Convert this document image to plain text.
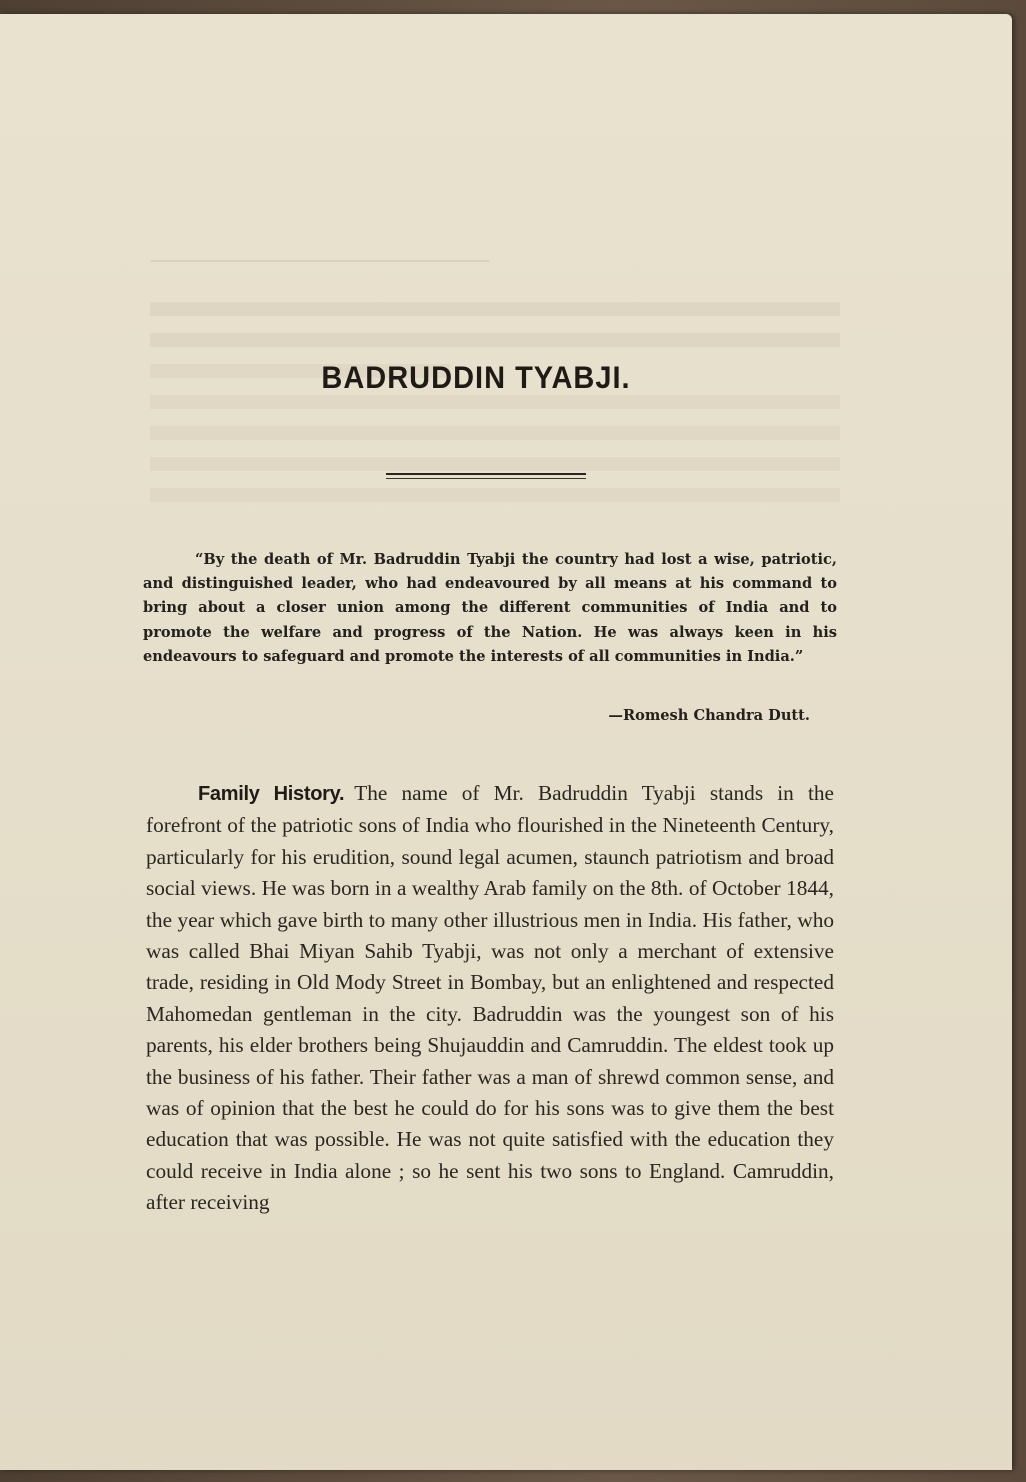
BADRUDDIN TYABJI.

“By the death of Mr. Badruddin Tyabji the country had lost a wise, patriotic, and distinguished leader, who had endeavoured by all means at his command to bring about a closer union among the different communities of India and to promote the welfare and progress of the Nation. He was always keen in his endeavours to safeguard and promote the interests of all communities in India.”

—Romesh Chandra Dutt.

Family History. The name of Mr. Badruddin Tyabji stands in the forefront of the patriotic sons of India who flourished in the Nineteenth Century, particularly for his erudition, sound legal acumen, staunch patriotism and broad social views. He was born in a wealthy Arab family on the 8th. of October 1844, the year which gave birth to many other illustrious men in India. His father, who was called Bhai Miyan Sahib Tyabji, was not only a merchant of extensive trade, residing in Old Mody Street in Bombay, but an enlightened and respected Mahomedan gentleman in the city. Badruddin was the youngest son of his parents, his elder brothers being Shujauddin and Camruddin. The eldest took up the business of his father. Their father was a man of shrewd common sense, and was of opinion that the best he could do for his sons was to give them the best education that was possible. He was not quite satisfied with the education they could receive in India alone ; so he sent his two sons to England. Camruddin, after receiving
